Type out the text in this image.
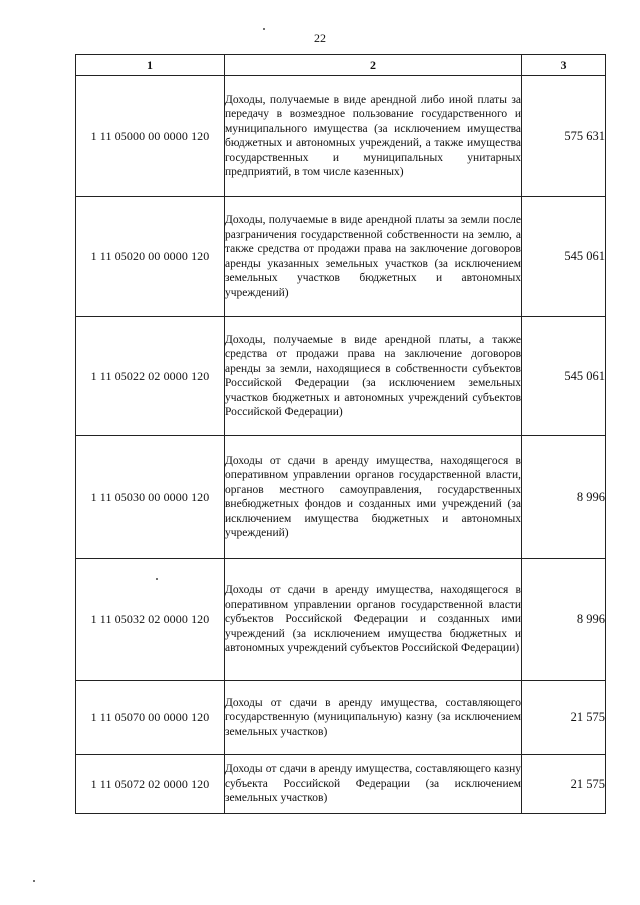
22
1	2	3
1 11 05000 00 0000 120	Доходы, получаемые в виде арендной либо иной платы за передачу в возмездное пользование государственного и муниципального имущества (за исключением имущества бюджетных и автономных учреждений, а также имущества государственных и муниципальных унитарных предприятий, в том числе казенных)	575 631
1 11 05020 00 0000 120	Доходы, получаемые в виде арендной платы за земли после разграничения государственной собственности на землю, а также средства от продажи права на заключение договоров аренды указанных земельных участков (за исключением земельных участков бюджетных и автономных учреждений)	545 061
1 11 05022 02 0000 120	Доходы, получаемые в виде арендной платы, а также средства от продажи права на заключение договоров аренды за земли, находящиеся в собственности субъектов Российской Федерации (за исключением земельных участков бюджетных и автономных учреждений субъектов Российской Федерации)	545 061
1 11 05030 00 0000 120	Доходы от сдачи в аренду имущества, находящегося в оперативном управлении органов государственной власти, органов местного самоуправления, государственных внебюджетных фондов и созданных ими учреждений (за исключением имущества бюджетных и автономных учреждений)	8 996
1 11 05032 02 0000 120	Доходы от сдачи в аренду имущества, находящегося в оперативном управлении органов государственной власти субъектов Российской Федерации и созданных ими учреждений (за исключением имущества бюджетных и автономных учреждений субъектов Российской Федерации)	8 996
1 11 05070 00 0000 120	Доходы от сдачи в аренду имущества, составляющего государственную (муниципальную) казну (за исключением земельных участков)	21 575
1 11 05072 02 0000 120	Доходы от сдачи в аренду имущества, составляющего казну субъекта Российской Федерации (за исключением земельных участков)	21 575
